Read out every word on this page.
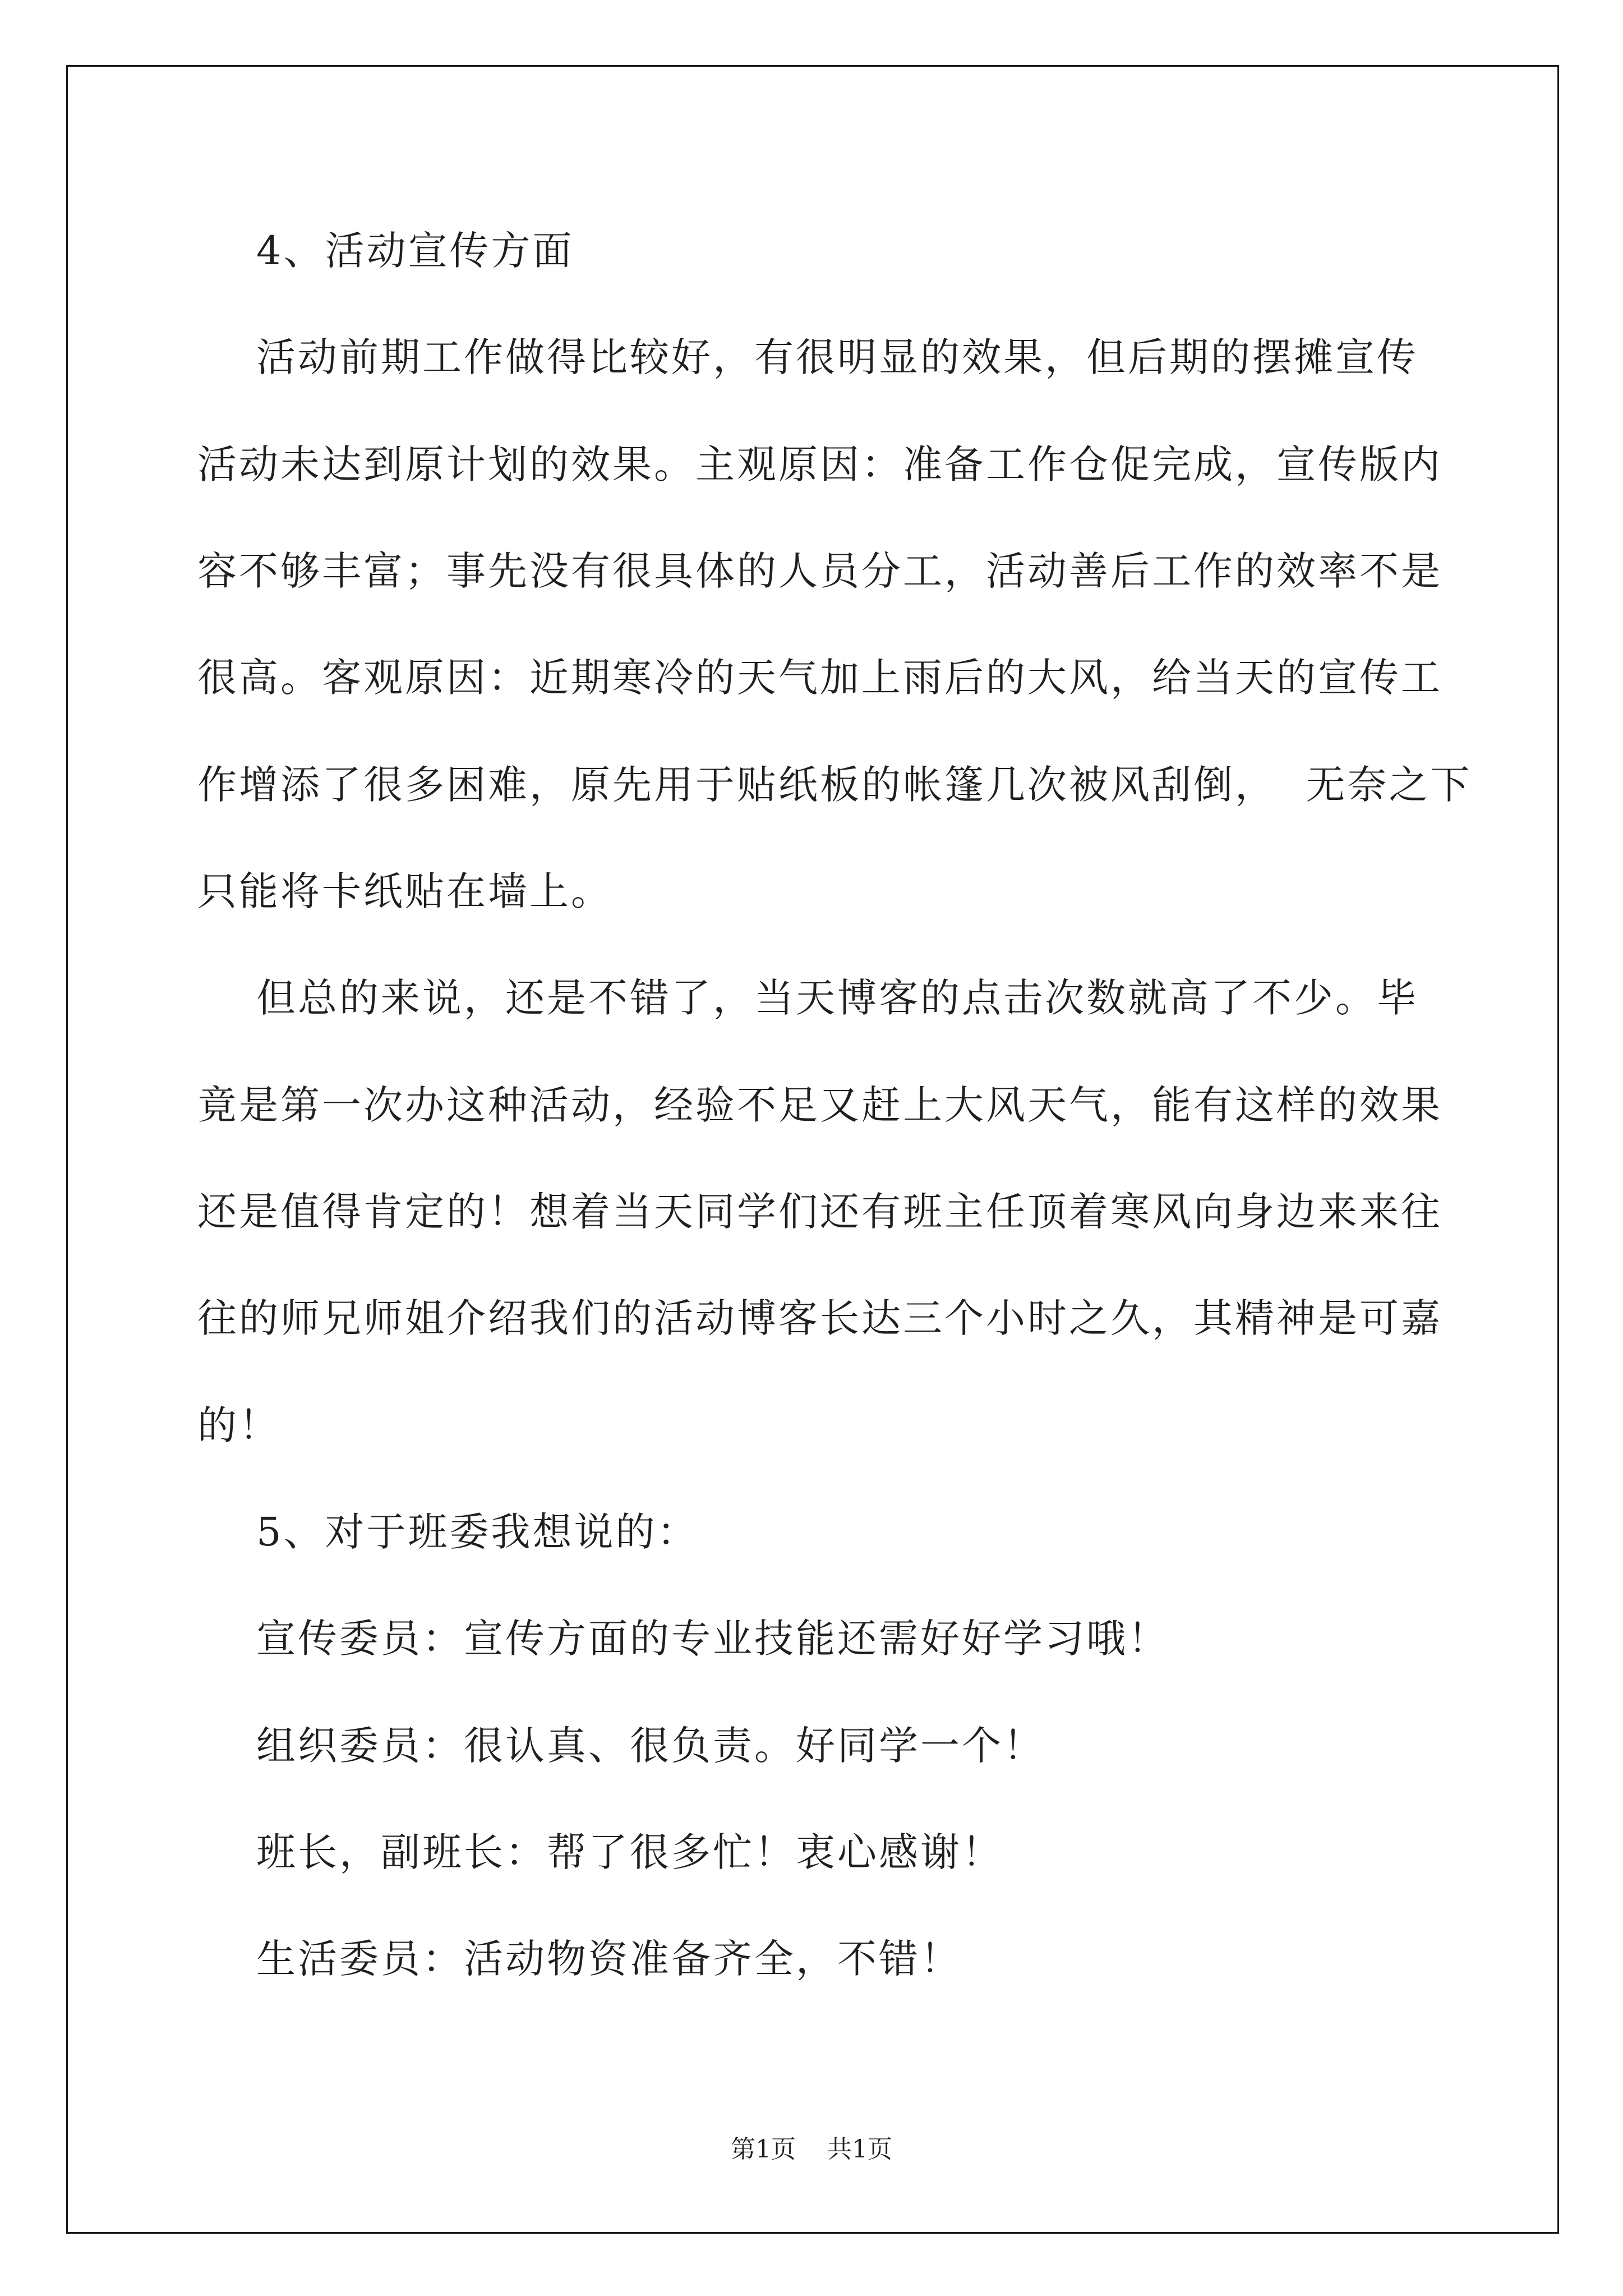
4、活动宣传方面
活动前期工作做得比较好，有很明显的效果，但后期的摆摊宣传
活动未达到原计划的效果。主观原因：准备工作仓促完成，宣传版内
容不够丰富；事先没有很具体的人员分工，活动善后工作的效率不是
很高。客观原因：近期寒冷的天气加上雨后的大风，给当天的宣传工
作增添了很多困难，原先用于贴纸板的帐篷几次被风刮倒，  无奈之下
只能将卡纸贴在墙上。
但总的来说，还是不错了，当天博客的点击次数就高了不少。毕
竟是第一次办这种活动，经验不足又赶上大风天气，能有这样的效果
还是值得肯定的！想着当天同学们还有班主任顶着寒风向身边来来往
往的师兄师姐介绍我们的活动博客长达三个小时之久，其精神是可嘉
的！
5、对于班委我想说的：
宣传委员：宣传方面的专业技能还需好好学习哦！
组织委员：很认真、很负责。好同学一个！
班长，副班长：帮了很多忙！衷心感谢！
生活委员：活动物资准备齐全，不错！
第1页 共1页
